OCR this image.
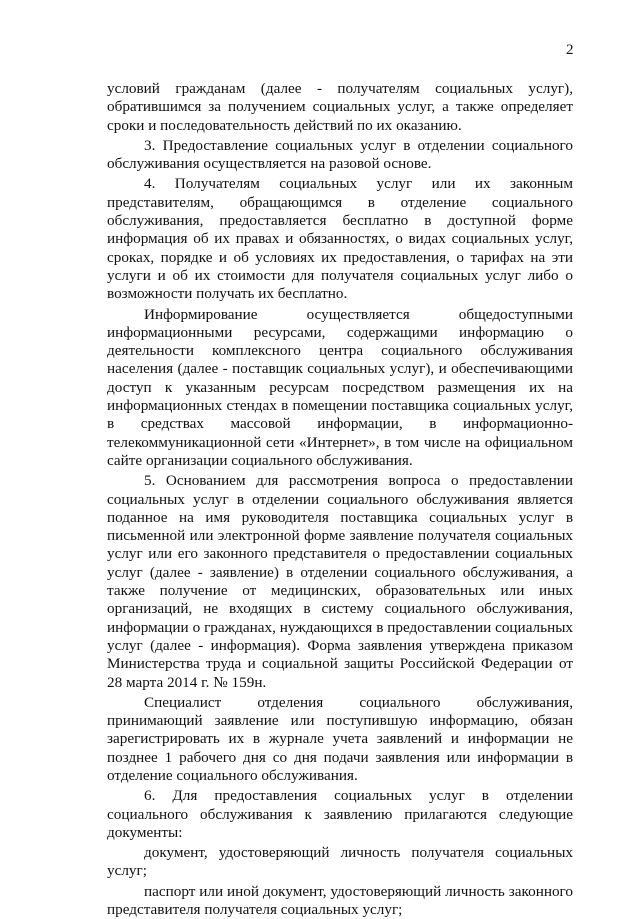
2

условий гражданам (далее - получателям социальных услуг), обратившимся за получением социальных услуг, а также определяет сроки и последовательность действий по их оказанию.

3. Предоставление социальных услуг в отделении социального обслуживания осуществляется на разовой основе.

4. Получателям социальных услуг или их законным представителям, обращающимся в отделение социального обслуживания, предоставляется бесплатно в доступной форме информация об их правах и обязанностях, о видах социальных услуг, сроках, порядке и об условиях их предоставления, о тарифах на эти услуги и об их стоимости для получателя социальных услуг либо о возможности получать их бесплатно.

Информирование осуществляется общедоступными информационными ресурсами, содержащими информацию о деятельности комплексного центра социального обслуживания населения (далее - поставщик социальных услуг), и обеспечивающими доступ к указанным ресурсам посредством размещения их на информационных стендах в помещении поставщика социальных услуг, в средствах массовой информации, в информационно-телекоммуникационной сети «Интернет», в том числе на официальном сайте организации социального обслуживания.

5. Основанием для рассмотрения вопроса о предоставлении социальных услуг в отделении социального обслуживания является поданное на имя руководителя поставщика социальных услуг в письменной или электронной форме заявление получателя социальных услуг или его законного представителя о предоставлении социальных услуг (далее - заявление) в отделении социального обслуживания, а также получение от медицинских, образовательных или иных организаций, не входящих в систему социального обслуживания, информации о гражданах, нуждающихся в предоставлении социальных услуг (далее - информация). Форма заявления утверждена приказом Министерства труда и социальной защиты Российской Федерации от 28 марта 2014 г. № 159н.

Специалист отделения социального обслуживания, принимающий заявление или поступившую информацию, обязан зарегистрировать их в журнале учета заявлений и информации не позднее 1 рабочего дня со дня подачи заявления или информации в отделение социального обслуживания.

6. Для предоставления социальных услуг в отделении социального обслуживания к заявлению прилагаются следующие документы:

документ, удостоверяющий личность получателя социальных услуг;

паспорт или иной документ, удостоверяющий личность законного представителя получателя социальных услуг;
